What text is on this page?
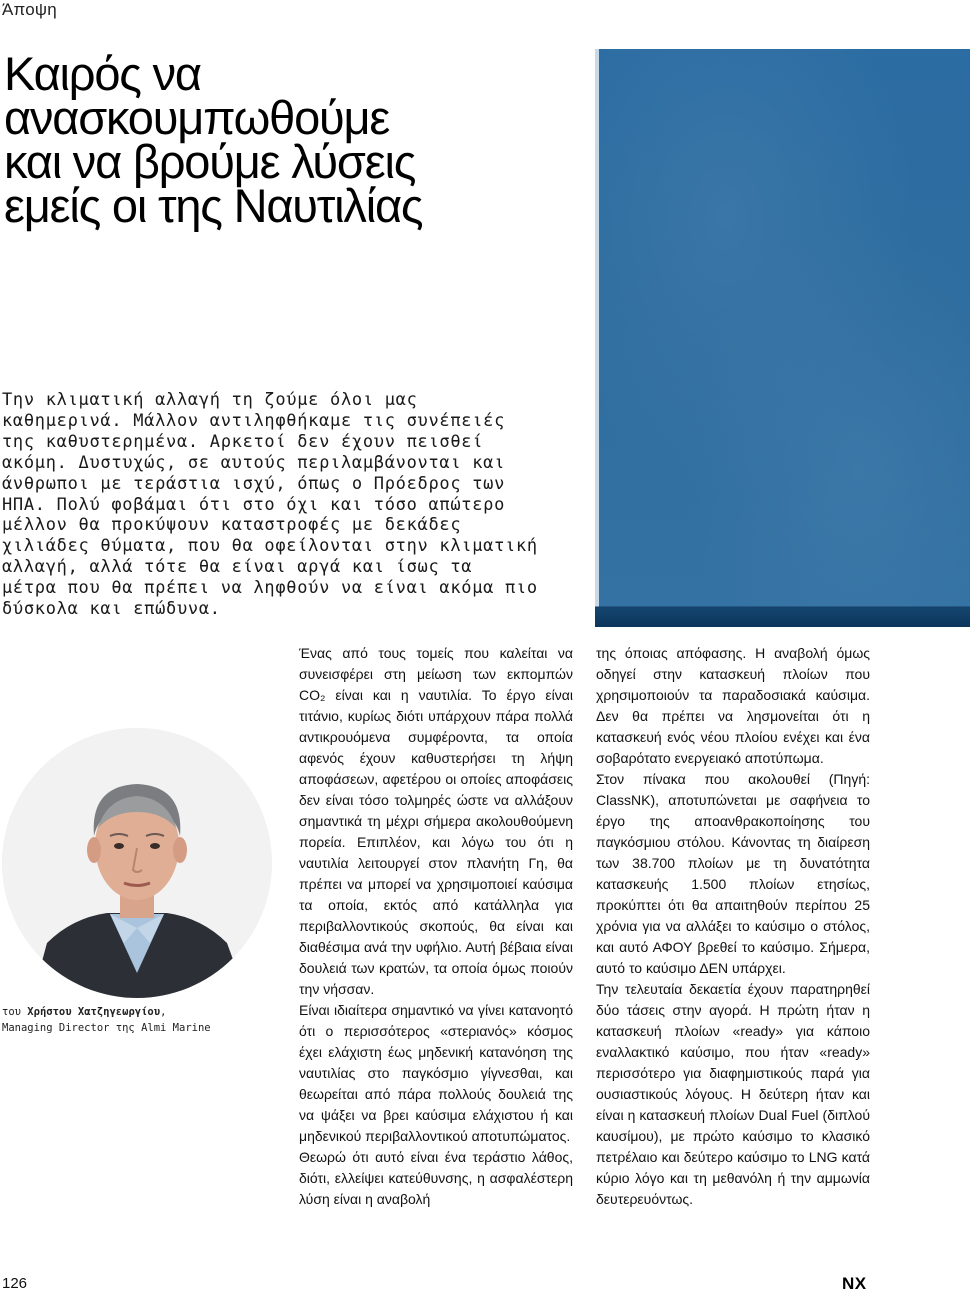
Άποψη
Καιρός να
ανασκουμπωθούμε
και να βρούμε λύσεις
εμείς οι της Ναυτιλίας
Την κλιματική αλλαγή τη ζούμε όλοι μας
καθημερινά. Μάλλον αντιληφθήκαμε τις συνέπειές
της καθυστερημένα. Αρκετοί δεν έχουν πεισθεί
ακόμη. Δυστυχώς, σε αυτούς περιλαμβάνονται και
άνθρωποι με τεράστια ισχύ, όπως ο Πρόεδρος των
ΗΠΑ. Πολύ φοβάμαι ότι στο όχι και τόσο απώτερο
μέλλον θα προκύψουν καταστροφές με δεκάδες
χιλιάδες θύματα, που θα οφείλονται στην κλιματική
αλλαγή, αλλά τότε θα είναι αργά και ίσως τα
μέτρα που θα πρέπει να ληφθούν να είναι ακόμα πιο
δύσκολα και επώδυνα.
του Χρήστου Χατζηγεωργίου,
Managing Director της Almi Marine

Ένας από τους τομείς που καλείται να συνεισφέρει στη μείωση των εκπομπών CO₂ είναι και η ναυτιλία. Το έργο είναι τιτάνιο, κυρίως διότι υπάρχουν πάρα πολλά αντικρουόμενα συμφέροντα, τα οποία αφενός έχουν καθυστερήσει τη λήψη αποφάσεων, αφετέρου οι οποίες αποφάσεις δεν είναι τόσο τολμηρές ώστε να αλλάξουν σημαντικά τη μέχρι σήμερα ακολουθούμενη πορεία. Επιπλέον, και λόγω του ότι η ναυτιλία λειτουργεί στον πλανήτη Γη, θα πρέπει να μπορεί να χρησιμοποιεί καύσιμα τα οποία, εκτός από κατάλληλα για περιβαλλοντικούς σκοπούς, θα είναι και διαθέσιμα ανά την υφήλιο. Αυτή βέβαια είναι δουλειά των κρατών, τα οποία όμως ποιούν την νήσσαν.

Είναι ιδιαίτερα σημαντικό να γίνει κατανοητό ότι ο περισσότερος «στεριανός» κόσμος έχει ελάχιστη έως μηδενική κατανόηση της ναυτιλίας στο παγκόσμιο γίγνεσθαι, και θεωρείται από πάρα πολλούς δουλειά της να ψάξει να βρει καύσιμα ελάχιστου ή και μηδενικού περιβαλλοντικού αποτυπώματος.

Θεωρώ ότι αυτό είναι ένα τεράστιο λάθος, διότι, ελλείψει κατεύθυνσης, η ασφαλέστερη λύση είναι η αναβολή

της όποιας απόφασης. Η αναβολή όμως οδηγεί στην κατασκευή πλοίων που χρησιμοποιούν τα παραδοσιακά καύσιμα. Δεν θα πρέπει να λησμονείται ότι η κατασκευή ενός νέου πλοίου ενέχει και ένα σοβαρότατο ενεργειακό αποτύπωμα.

Στον πίνακα που ακολουθεί (Πηγή: ClassNK), αποτυπώνεται με σαφήνεια το έργο της απoανθρακοποίησης του παγκόσμιου στόλου. Κάνοντας τη διαίρεση των 38.700 πλοίων με τη δυνατότητα κατασκευής 1.500 πλοίων ετησίως, προκύπτει ότι θα απαιτηθούν περίπου 25 χρόνια για να αλλάξει το καύσιμο ο στόλος, και αυτό ΑΦΟΥ βρεθεί το καύσιμο. Σήμερα, αυτό το καύσιμο ΔΕΝ υπάρχει.

Την τελευταία δεκαετία έχουν παρατηρηθεί δύο τάσεις στην αγορά. Η πρώτη ήταν η κατασκευή πλοίων «ready» για κάποιο εναλλακτικό καύσιμο, που ήταν «ready» περισσότερο για διαφημιστικούς παρά για ουσιαστικούς λόγους. Η δεύτερη ήταν και είναι η κατασκευή πλοίων Dual Fuel (διπλού καυσίμου), με πρώτο καύσιμο το κλασικό πετρέλαιο και δεύτερο καύσιμο το LNG κατά κύριο λόγο και τη μεθανόλη ή την αμμωνία δευτερευόντως.

126	NX
